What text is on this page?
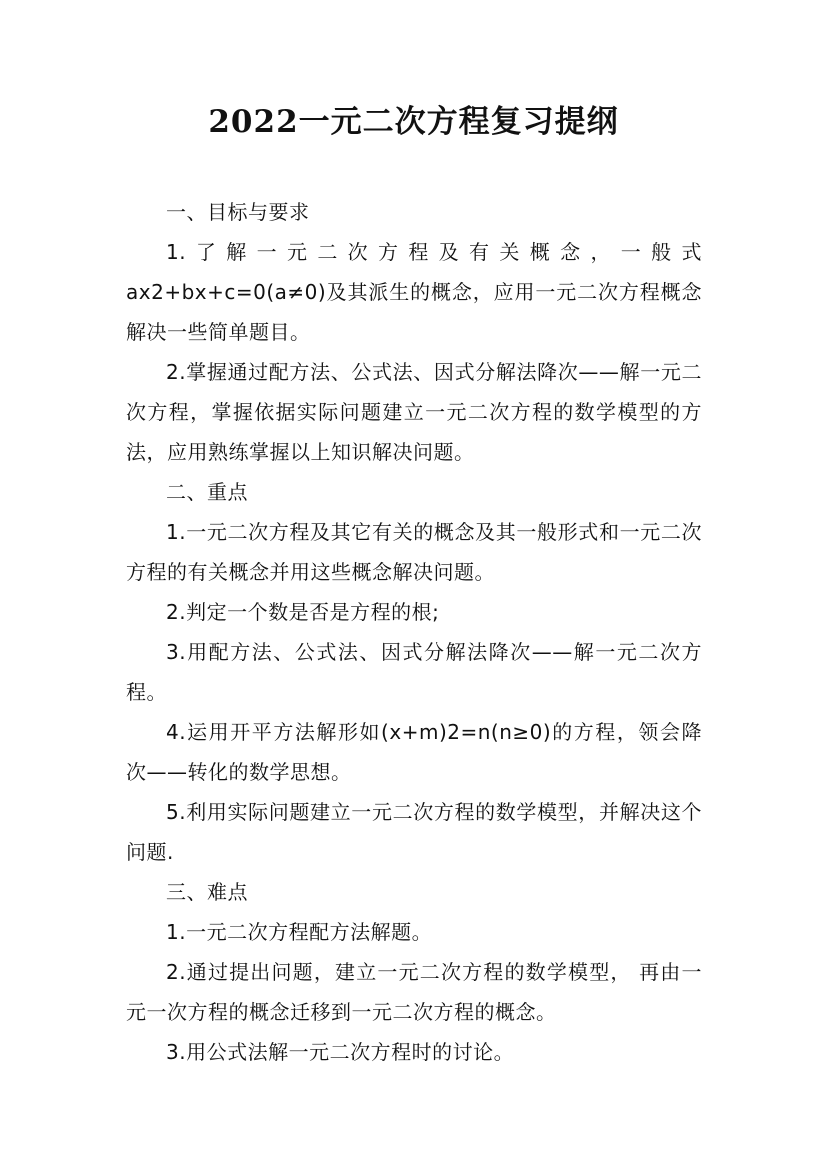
2022一元二次方程复习提纲

一、目标与要求

1.了解一元二次方程及有关概念，一般式ax2+bx+c=0(a≠0)及其派生的概念，应用一元二次方程概念解决一些简单题目。

2.掌握通过配方法、公式法、因式分解法降次——解一元二次方程，掌握依据实际问题建立一元二次方程的数学模型的方法，应用熟练掌握以上知识解决问题。

二、重点

1.一元二次方程及其它有关的概念及其一般形式和一元二次方程的有关概念并用这些概念解决问题。

2.判定一个数是否是方程的根;

3.用配方法、公式法、因式分解法降次——解一元二次方程。

4.运用开平方法解形如(x+m)2=n(n≥0)的方程，领会降次——转化的数学思想。

5.利用实际问题建立一元二次方程的数学模型，并解决这个问题.

三、难点

1.一元二次方程配方法解题。

2.通过提出问题，建立一元二次方程的数学模型， 再由一元一次方程的概念迁移到一元二次方程的概念。

3.用公式法解一元二次方程时的讨论。
